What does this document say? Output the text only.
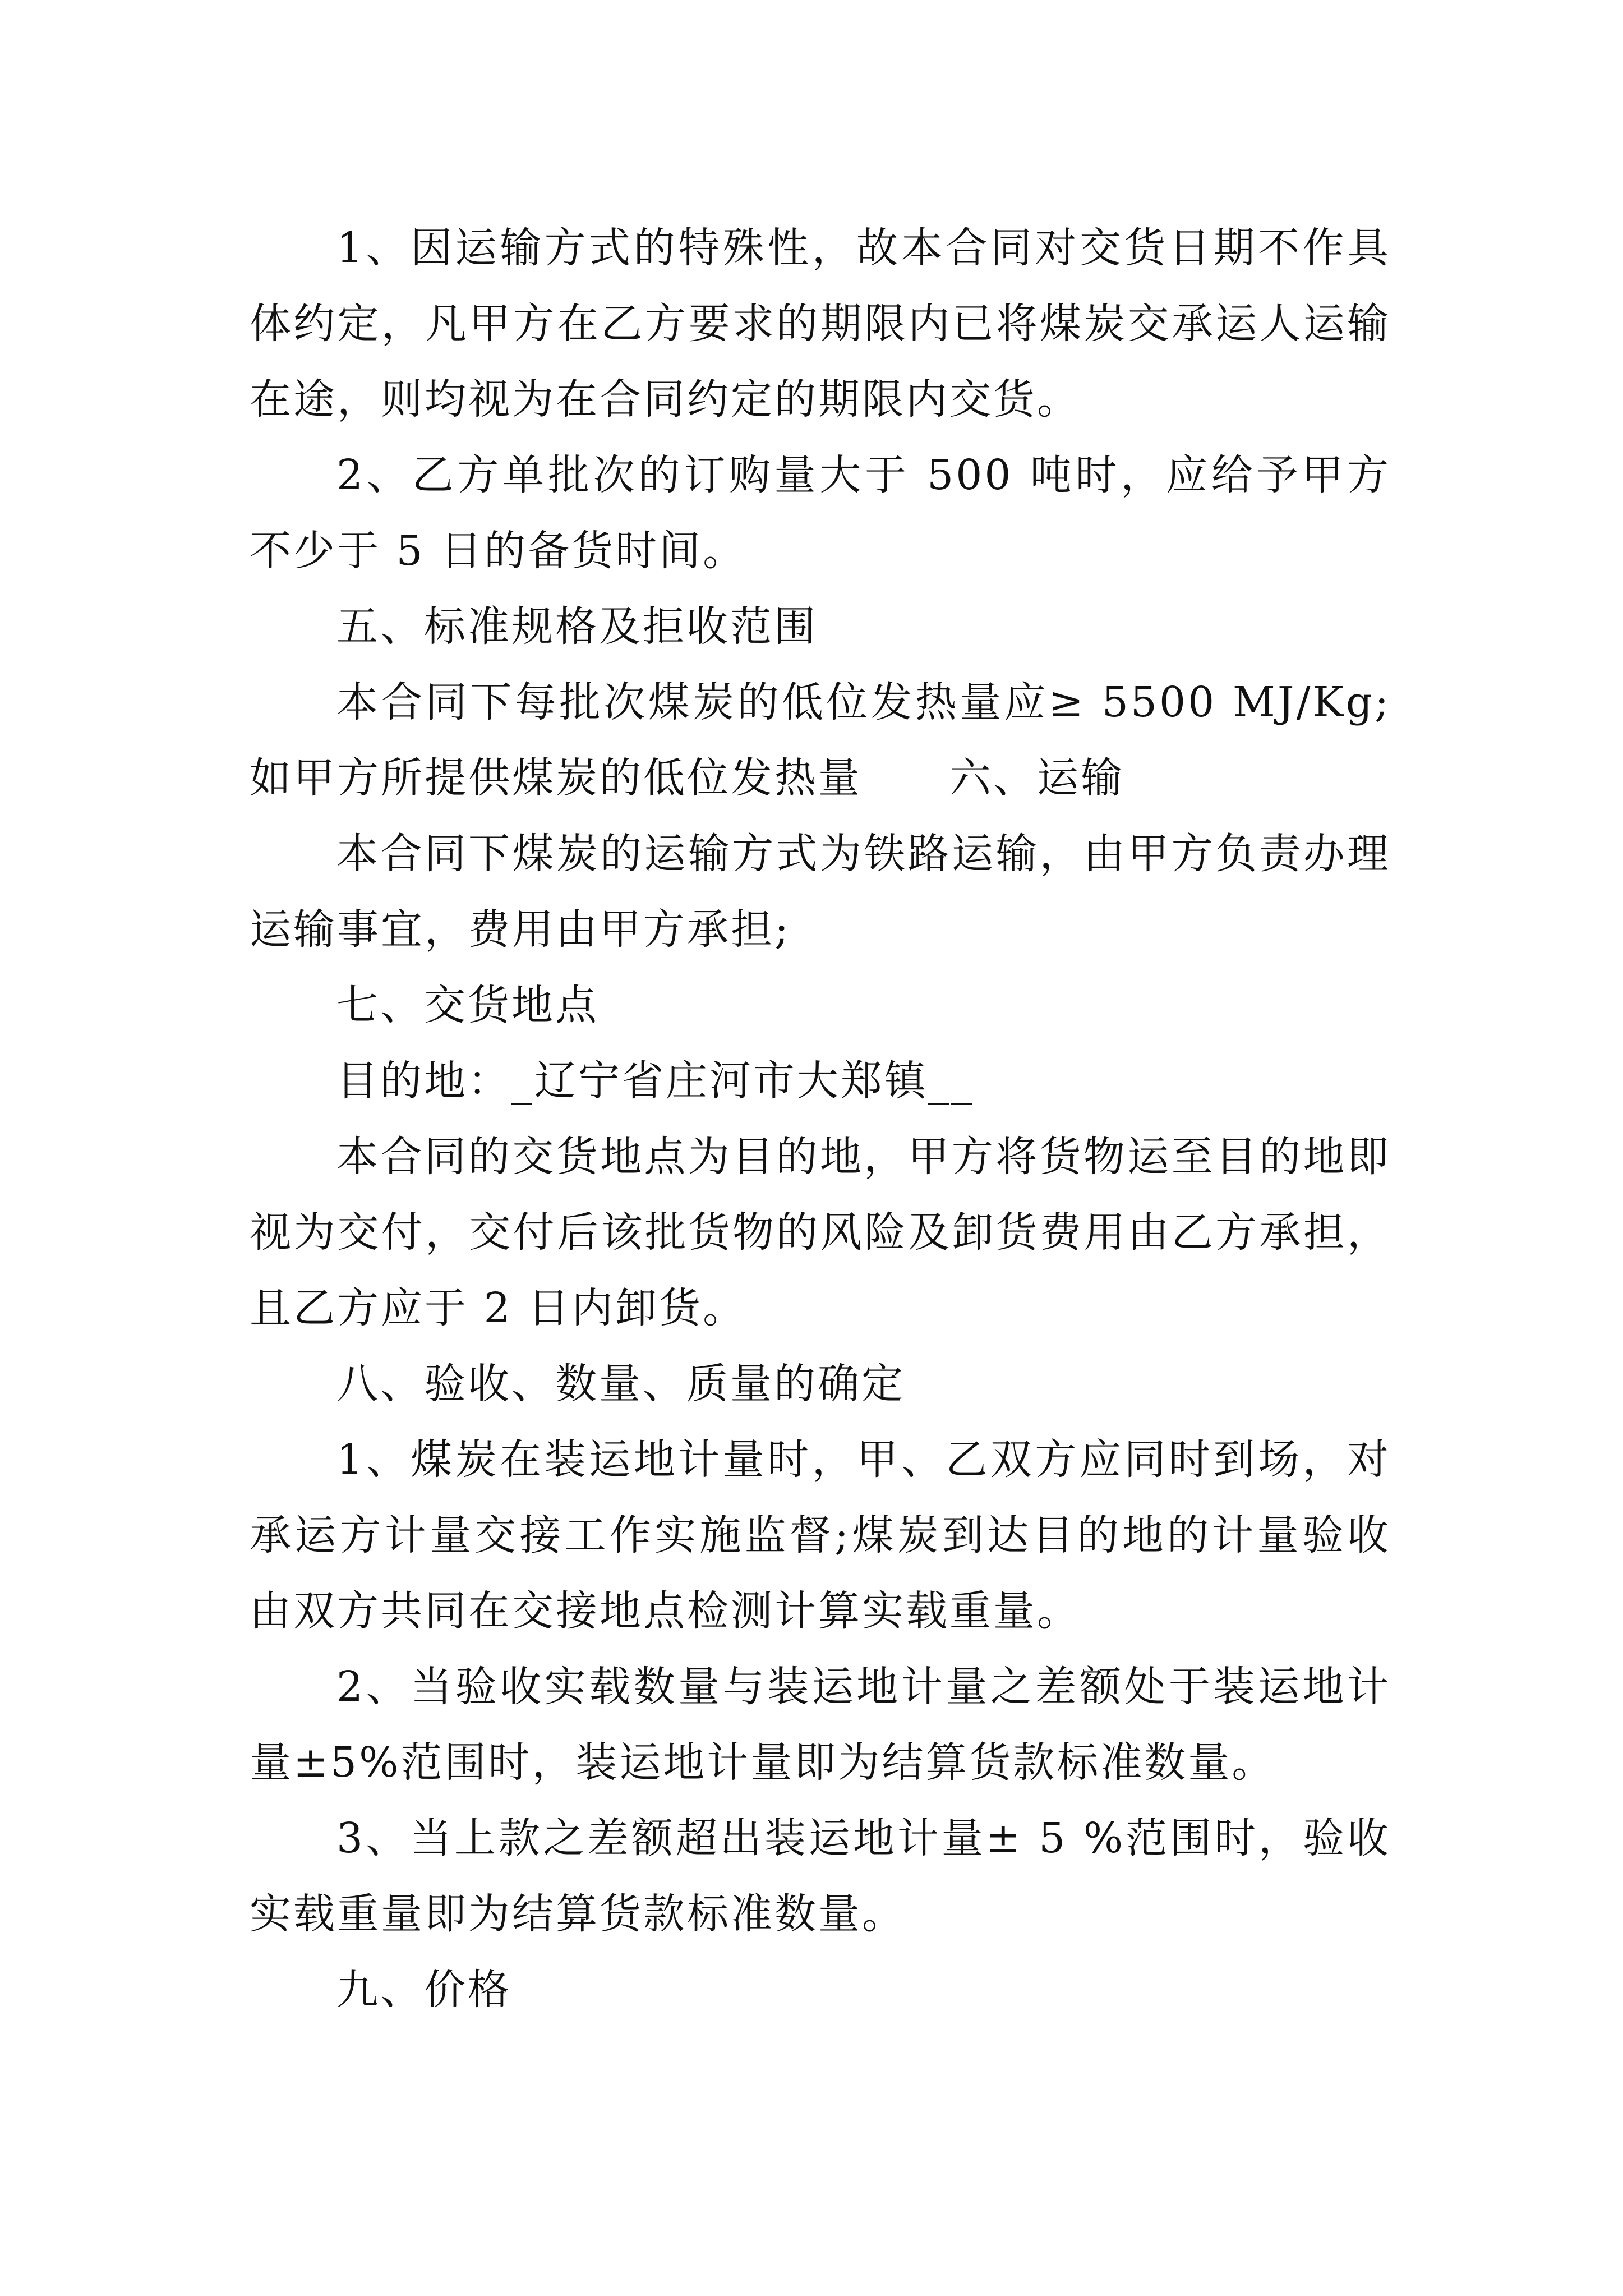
1、因运输方式的特殊性，故本合同对交货日期不作具体约定，凡甲方在乙方要求的期限内已将煤炭交承运人运输在途，则均视为在合同约定的期限内交货。

2、乙方单批次的订购量大于 500 吨时，应给予甲方不少于 5 日的备货时间。

五、标准规格及拒收范围

本合同下每批次煤炭的低位发热量应≥ 5500 MJ/Kg;如甲方所提供煤炭的低位发热量　　六、运输

本合同下煤炭的运输方式为铁路运输，由甲方负责办理运输事宜，费用由甲方承担;

七、交货地点

目的地：_辽宁省庄河市大郑镇__

本合同的交货地点为目的地，甲方将货物运至目的地即视为交付，交付后该批货物的风险及卸货费用由乙方承担，且乙方应于 2 日内卸货。

八、验收、数量、质量的确定

1、煤炭在装运地计量时，甲、乙双方应同时到场，对承运方计量交接工作实施监督;煤炭到达目的地的计量验收由双方共同在交接地点检测计算实载重量。

2、当验收实载数量与装运地计量之差额处于装运地计量±5%范围时，装运地计量即为结算货款标准数量。

3、当上款之差额超出装运地计量± 5 %范围时，验收实载重量即为结算货款标准数量。

九、价格
